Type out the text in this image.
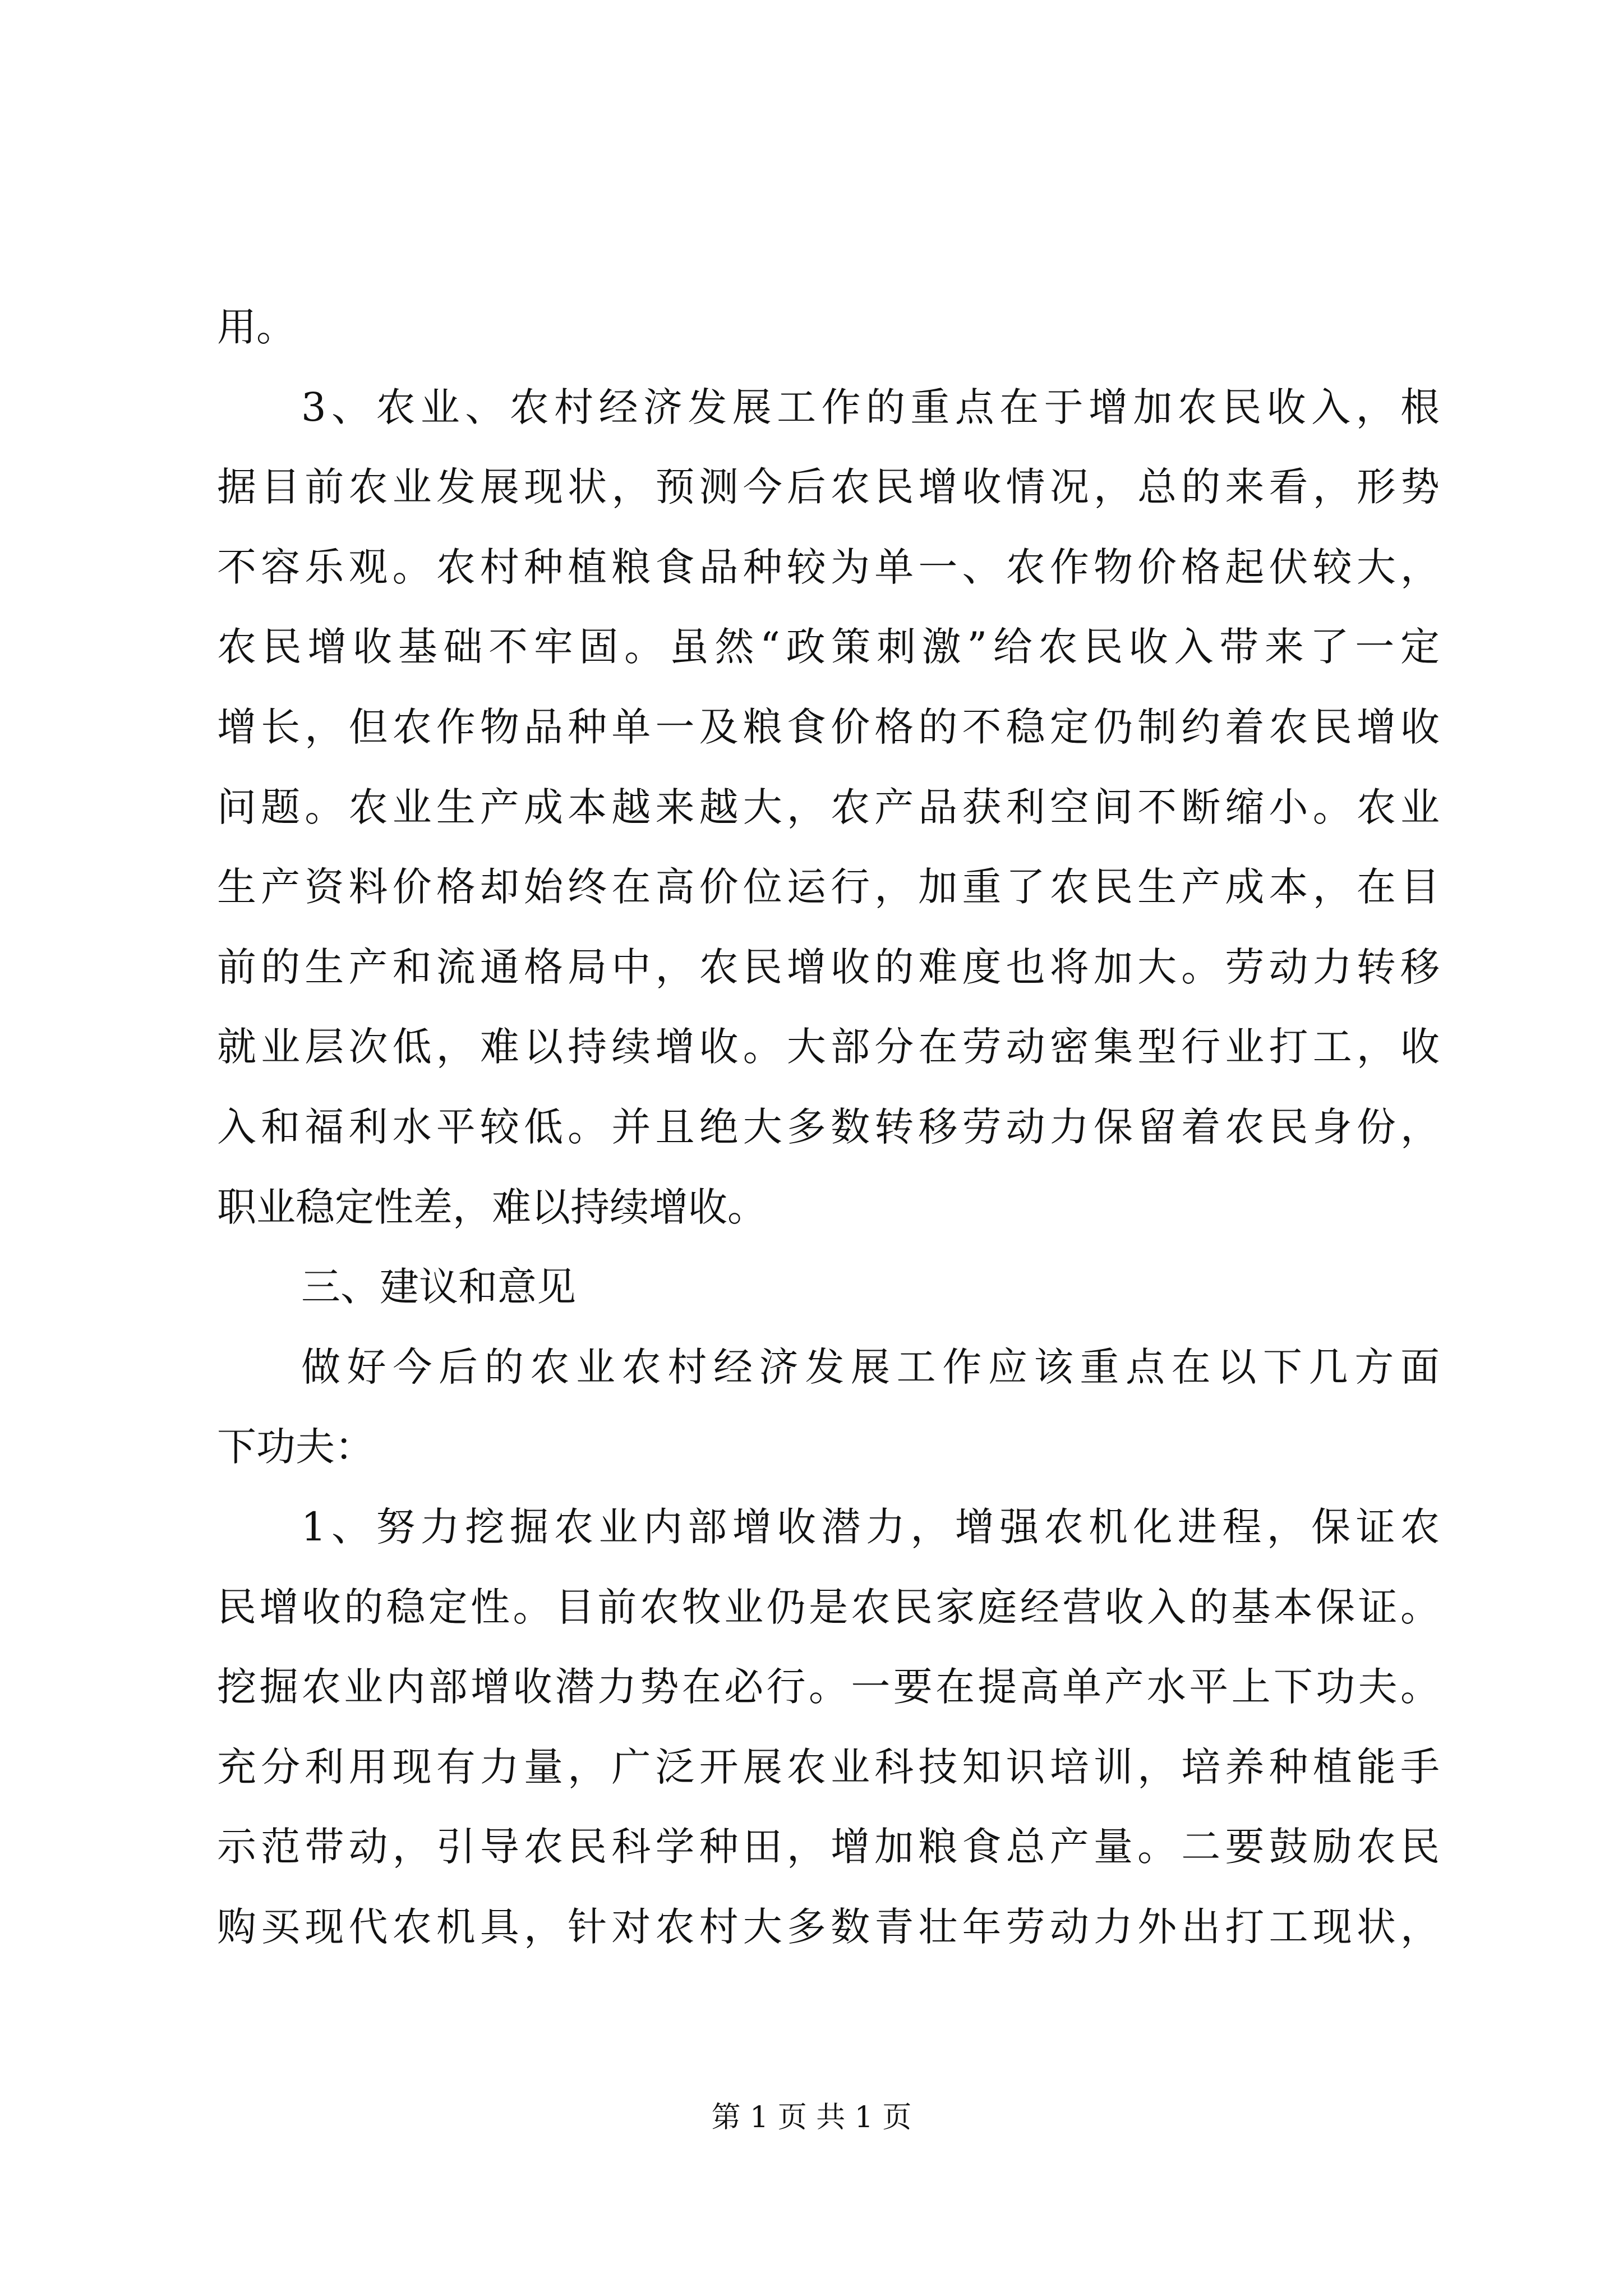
用。
3、农业、农村经济发展工作的重点在于增加农民收入，根
据目前农业发展现状，预测今后农民增收情况，总的来看，形势
不容乐观。农村种植粮食品种较为单一、农作物价格起伏较大，
农民增收基础不牢固。虽然“政策刺激”给农民收入带来了一定
增长，但农作物品种单一及粮食价格的不稳定仍制约着农民增收
问题。农业生产成本越来越大，农产品获利空间不断缩小。农业
生产资料价格却始终在高价位运行，加重了农民生产成本，在目
前的生产和流通格局中，农民增收的难度也将加大。劳动力转移
就业层次低，难以持续增收。大部分在劳动密集型行业打工，收
入和福利水平较低。并且绝大多数转移劳动力保留着农民身份，
职业稳定性差，难以持续增收。
三、建议和意见
做好今后的农业农村经济发展工作应该重点在以下几方面
下功夫：
1、努力挖掘农业内部增收潜力，增强农机化进程，保证农
民增收的稳定性。目前农牧业仍是农民家庭经营收入的基本保证。
挖掘农业内部增收潜力势在必行。一要在提高单产水平上下功夫。
充分利用现有力量，广泛开展农业科技知识培训，培养种植能手
示范带动，引导农民科学种田，增加粮食总产量。二要鼓励农民
购买现代农机具，针对农村大多数青壮年劳动力外出打工现状，
第 1 页 共 1 页
